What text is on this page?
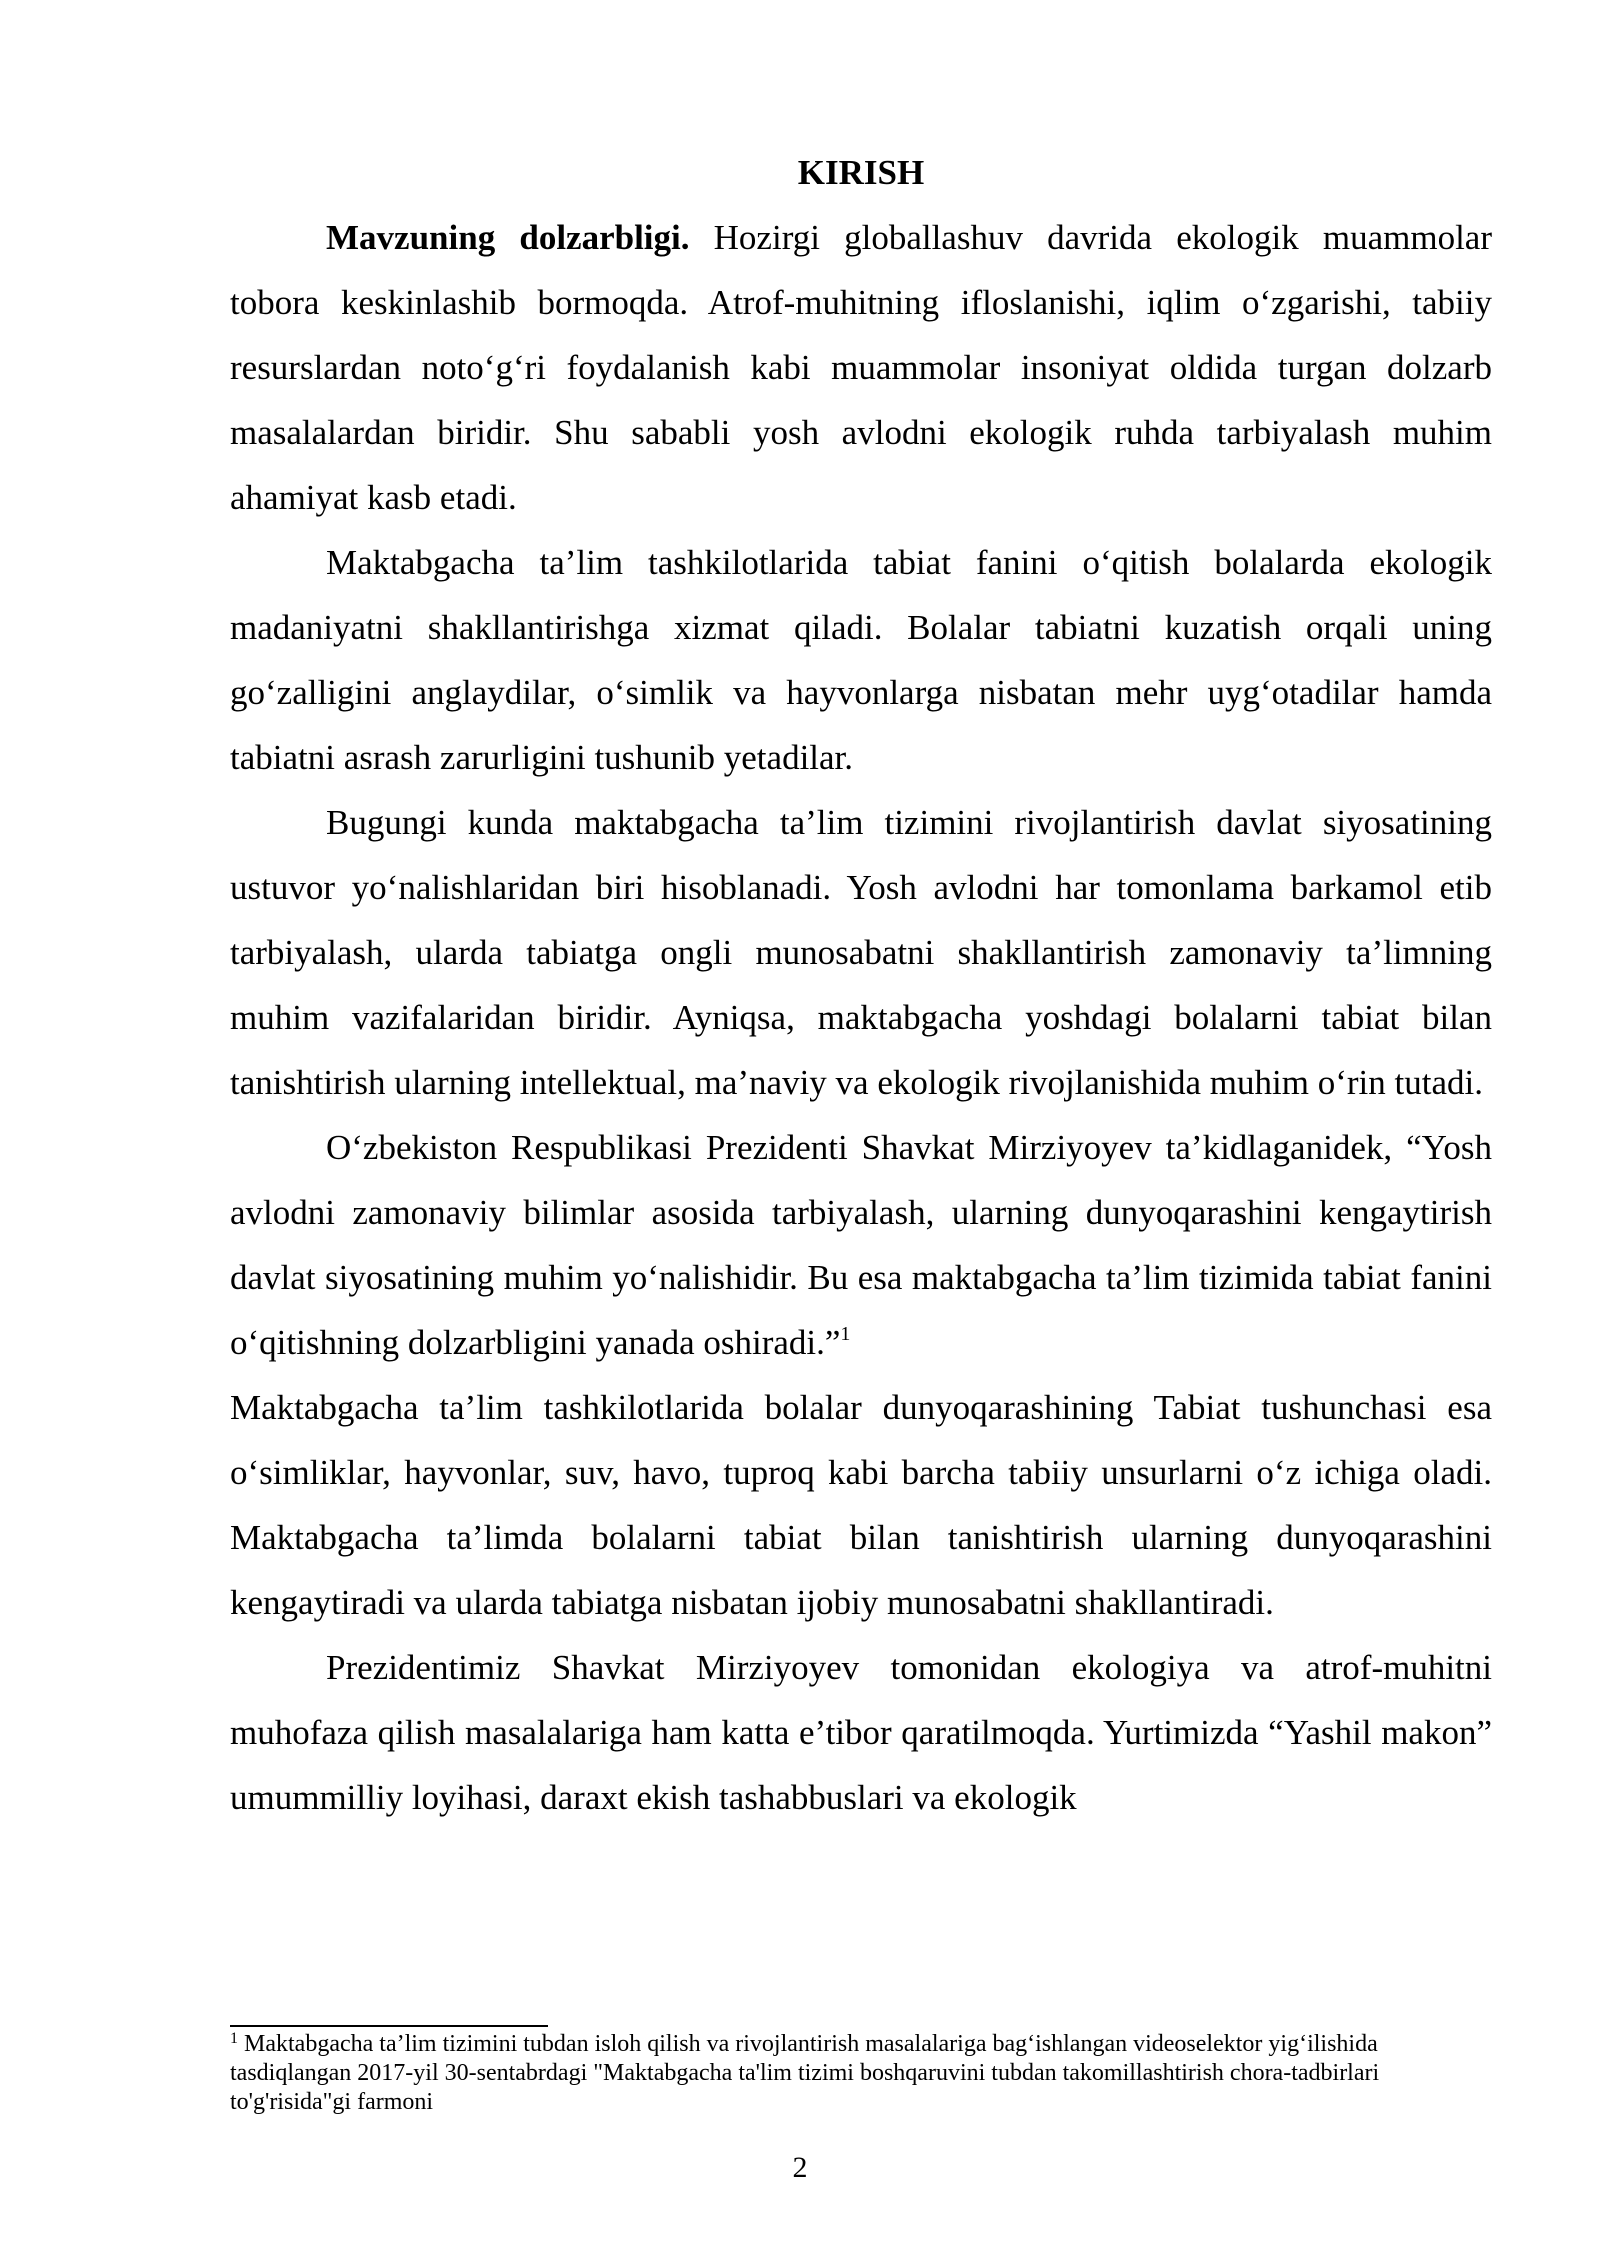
KIRISH

Mavzuning dolzarbligi. Hozirgi globallashuv davrida ekologik muammolar tobora keskinlashib bormoqda. Atrof-muhitning ifloslanishi, iqlim oʻzgarishi, tabiiy resurslardan notoʻgʻri foydalanish kabi muammolar insoniyat oldida turgan dolzarb masalalardan biridir. Shu sababli yosh avlodni ekologik ruhda tarbiyalash muhim ahamiyat kasb etadi.

Maktabgacha ta’lim tashkilotlarida tabiat fanini oʻqitish bolalarda ekologik madaniyatni shakllantirishga xizmat qiladi. Bolalar tabiatni kuzatish orqali uning goʻzalligini anglaydilar, oʻsimlik va hayvonlarga nisbatan mehr uygʻotadilar hamda tabiatni asrash zarurligini tushunib yetadilar.

Bugungi kunda maktabgacha ta’lim tizimini rivojlantirish davlat siyosatining ustuvor yoʻnalishlaridan biri hisoblanadi. Yosh avlodni har tomonlama barkamol etib tarbiyalash, ularda tabiatga ongli munosabatni shakllantirish zamonaviy ta’limning muhim vazifalaridan biridir. Ayniqsa, maktabgacha yoshdagi bolalarni tabiat bilan tanishtirish ularning intellektual, ma’naviy va ekologik rivojlanishida muhim oʻrin tutadi.

Oʻzbekiston Respublikasi Prezidenti Shavkat Mirziyoyev ta’kidlaganidek, “Yosh avlodni zamonaviy bilimlar asosida tarbiyalash, ularning dunyoqarashini kengaytirish davlat siyosatining muhim yoʻnalishidir. Bu esa maktabgacha ta’lim tizimida tabiat fanini oʻqitishning dolzarbligini yanada oshiradi.”$^1$

Maktabgacha ta’lim tashkilotlarida bolalar dunyoqarashining Tabiat tushunchasi esa oʻsimliklar, hayvonlar, suv, havo, tuproq kabi barcha tabiiy unsurlarni oʻz ichiga oladi. Maktabgacha ta’limda bolalarni tabiat bilan tanishtirish ularning dunyoqarashini kengaytiradi va ularda tabiatga nisbatan ijobiy munosabatni shakllantiradi.

Prezidentimiz Shavkat Mirziyoyev tomonidan ekologiya va atrof-muhitni muhofaza qilish masalalariga ham katta e’tibor qaratilmoqda. Yurtimizda “Yashil makon” umummilliy loyihasi, daraxt ekish tashabbuslari va ekologik

$^1$ Maktabgacha ta’lim tizimini tubdan isloh qilish va rivojlantirish masalalariga bagʻishlangan videoselektor yigʻilishida tasdiqlangan 2017-yil 30-sentabrdagi "Maktabgacha ta'lim tizimi boshqaruvini tubdan takomillashtirish chora-tadbirlari to'g'risida"gi farmoni

2
